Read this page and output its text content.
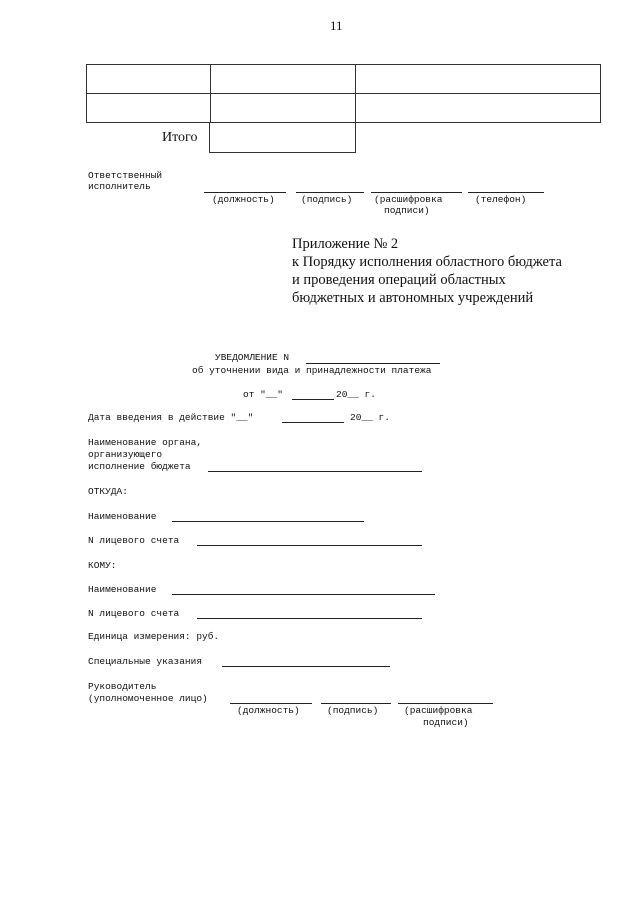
11

Итого
Ответственный
исполнитель
(должность)	(подпись) (расшифровка
подписи)
(телефон)
Приложение № 2
к Порядку исполнения областного бюджета
и проведения операций областных
бюджетных и автономных учреждений
УВЕДОМЛЕНИЕ N
об уточнении вида и принадлежности платежа
от "__"	20__ г.
Дата введения в действие "__"	20__ г.
Наименование органа,
организующего
исполнение бюджета
ОТКУДА:
Наименование
N лицевого счета
КОМУ:
Наименование
N лицевого счета
Единица измерения: руб.
Специальные указания
Руководитель
(уполномоченное лицо)
(должность)	(подпись)	(расшифровка
подписи)
